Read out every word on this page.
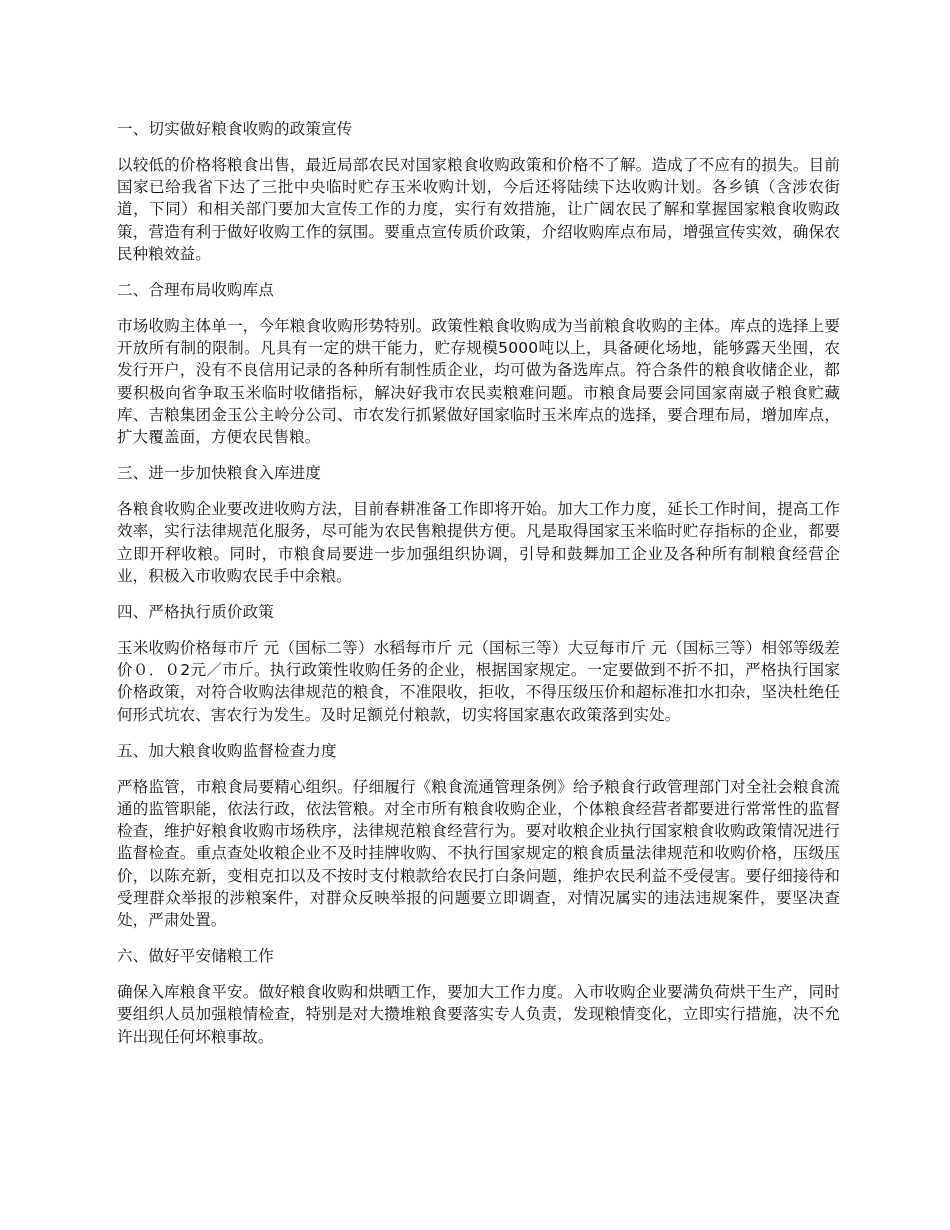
一、切实做好粮食收购的政策宣传

以较低的价格将粮食出售，最近局部农民对国家粮食收购政策和价格不了解。造成了不应有的损失。目前国家已给我省下达了三批中央临时贮存玉米收购计划，今后还将陆续下达收购计划。各乡镇（含涉农街道，下同）和相关部门要加大宣传工作的力度，实行有效措施，让广阔农民了解和掌握国家粮食收购政策，营造有利于做好收购工作的氛围。要重点宣传质价政策，介绍收购库点布局，增强宣传实效，确保农民种粮效益。

二、合理布局收购库点

市场收购主体单一，今年粮食收购形势特别。政策性粮食收购成为当前粮食收购的主体。库点的选择上要开放所有制的限制。凡具有一定的烘干能力，贮存规模5000吨以上，具备硬化场地，能够露天坐囤，农发行开户，没有不良信用记录的各种所有制性质企业，均可做为备选库点。符合条件的粮食收储企业，都要积极向省争取玉米临时收储指标，解决好我市农民卖粮难问题。市粮食局要会同国家南崴子粮食贮藏库、吉粮集团金玉公主岭分公司、市农发行抓紧做好国家临时玉米库点的选择，要合理布局，增加库点，扩大覆盖面，方便农民售粮。

三、进一步加快粮食入库进度

各粮食收购企业要改进收购方法，目前春耕准备工作即将开始。加大工作力度，延长工作时间，提高工作效率，实行法律规范化服务，尽可能为农民售粮提供方便。凡是取得国家玉米临时贮存指标的企业，都要立即开秤收粮。同时，市粮食局要进一步加强组织协调，引导和鼓舞加工企业及各种所有制粮食经营企业，积极入市收购农民手中余粮。

四、严格执行质价政策

玉米收购价格每市斤 元（国标二等）水稻每市斤 元（国标三等）大豆每市斤 元（国标三等）相邻等级差价０．０2元／市斤。执行政策性收购任务的企业，根据国家规定。一定要做到不折不扣，严格执行国家价格政策，对符合收购法律规范的粮食，不准限收，拒收，不得压级压价和超标准扣水扣杂，坚决杜绝任何形式坑农、害农行为发生。及时足额兑付粮款，切实将国家惠农政策落到实处。

五、加大粮食收购监督检查力度

严格监管，市粮食局要精心组织。仔细履行《粮食流通管理条例》给予粮食行政管理部门对全社会粮食流通的监管职能，依法行政，依法管粮。对全市所有粮食收购企业，个体粮食经营者都要进行常常性的监督检查，维护好粮食收购市场秩序，法律规范粮食经营行为。要对收粮企业执行国家粮食收购政策情况进行监督检查。重点查处收粮企业不及时挂牌收购、不执行国家规定的粮食质量法律规范和收购价格，压级压价，以陈充新，变相克扣以及不按时支付粮款给农民打白条问题，维护农民利益不受侵害。要仔细接待和受理群众举报的涉粮案件，对群众反映举报的问题要立即调查，对情况属实的违法违规案件，要坚决查处，严肃处置。

六、做好平安储粮工作

确保入库粮食平安。做好粮食收购和烘晒工作，要加大工作力度。入市收购企业要满负荷烘干生产，同时要组织人员加强粮情检查，特别是对大攒堆粮食要落实专人负责，发现粮情变化，立即实行措施，决不允许出现任何坏粮事故。
